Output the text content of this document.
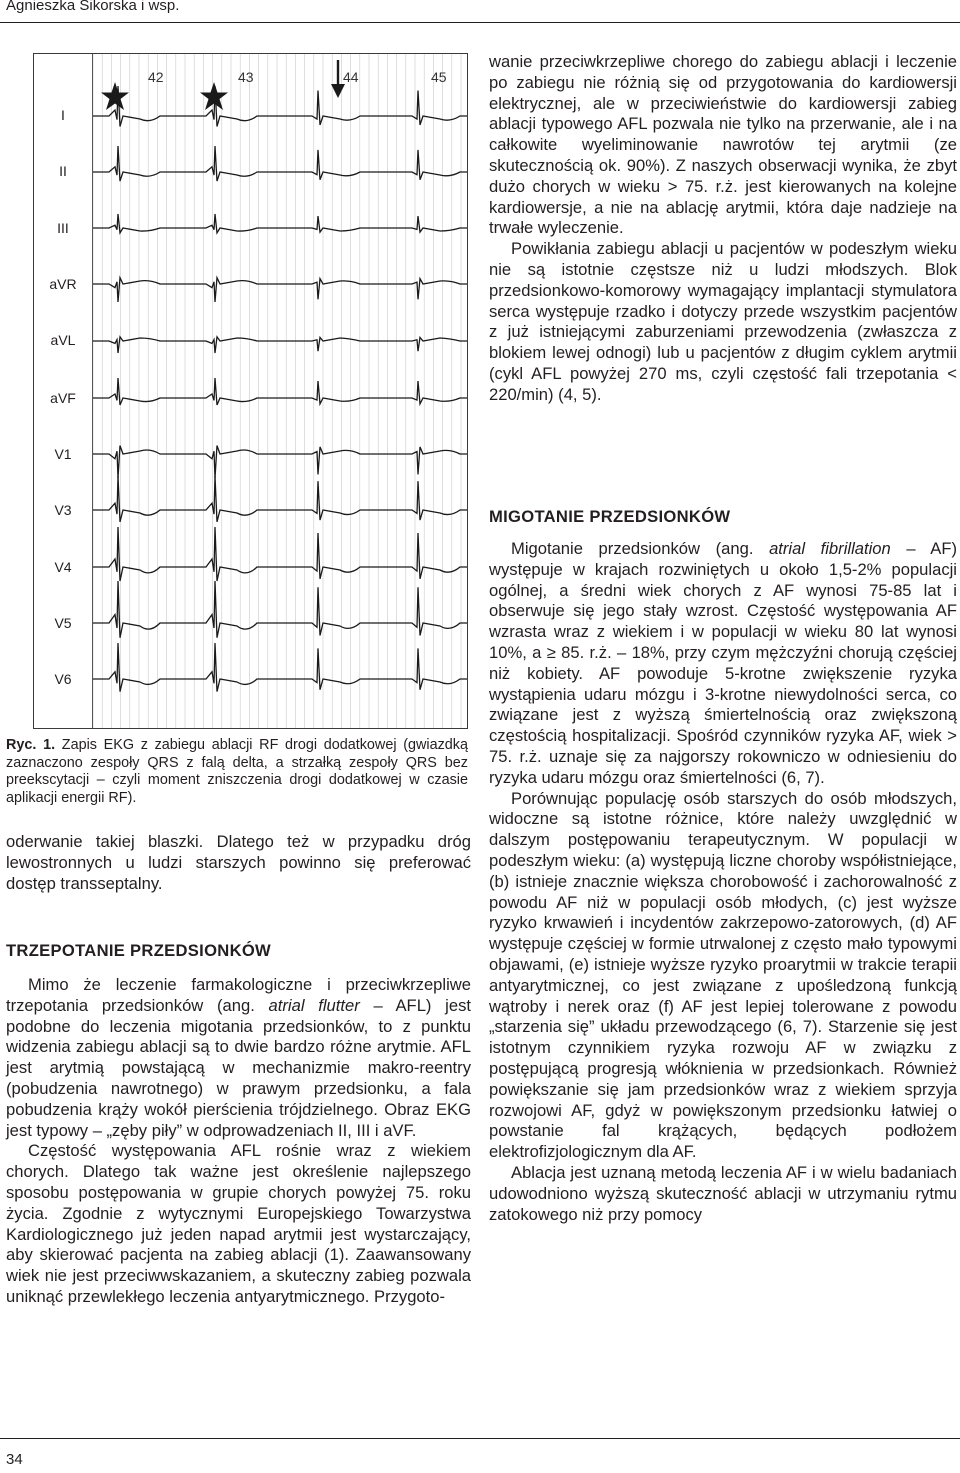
Agnieszka Sikorska i wsp.
I
II
III
aVR
aVL
aVF
V1
V3
V4
V5
V6
42	43	44	45
Ryc. 1. Zapis EKG z zabiegu ablacji RF drogi dodatkowej (gwiazdką zaznaczono zespoły QRS z falą delta, a strzałką zespoły QRS bez preekscytacji – czyli moment zniszczenia drogi dodatkowej w czasie aplikacji energii RF).

oderwanie takiej blaszki. Dlatego też w przypadku dróg lewostronnych u ludzi starszych powinno się preferować dostęp transseptalny.

TRZEPOTANIE PRZEDSIONKÓW

Mimo że leczenie farmakologiczne i przeciwkrzepliwe trzepotania przedsionków (ang. atrial flutter – AFL) jest podobne do leczenia migotania przedsionków, to z punktu widzenia zabiegu ablacji są to dwie bardzo różne arytmie. AFL jest arytmią powstającą w mechanizmie makro-reentry (pobudzenia nawrotnego) w prawym przedsionku, a fala pobudzenia krąży wokół pierścienia trójdzielnego. Obraz EKG jest typowy – „zęby piły” w odprowadzeniach II, III i aVF.

Częstość występowania AFL rośnie wraz z wiekiem chorych. Dlatego tak ważne jest określenie najlepszego sposobu postępowania w grupie chorych powyżej 75. roku życia. Zgodnie z wytycznymi Europejskiego Towarzystwa Kardiologicznego już jeden napad arytmii jest wystarczający, aby skierować pacjenta na zabieg ablacji (1). Zaawansowany wiek nie jest przeciwwskazaniem, a skuteczny zabieg pozwala uniknąć przewlekłego leczenia antyarytmicznego. Przygoto-

wanie przeciwkrzepliwe chorego do zabiegu ablacji i leczenie po zabiegu nie różnią się od przygotowania do kardiowersji elektrycznej, ale w przeciwieństwie do kardiowersji zabieg ablacji typowego AFL pozwala nie tylko na przerwanie, ale i na całkowite wyeliminowanie nawrotów tej arytmii (ze skutecznością ok. 90%). Z naszych obserwacji wynika, że zbyt dużo chorych w wieku > 75. r.ż. jest kierowanych na kolejne kardiowersje, a nie na ablację arytmii, która daje nadzieje na trwałe wyleczenie.

Powikłania zabiegu ablacji u pacjentów w podeszłym wieku nie są istotnie częstsze niż u ludzi młodszych. Blok przedsionkowo-komorowy wymagający implantacji stymulatora serca występuje rzadko i dotyczy przede wszystkim pacjentów z już istniejącymi zaburzeniami przewodzenia (zwłaszcza z blokiem lewej odnogi) lub u pacjentów z długim cyklem arytmii (cykl AFL powyżej 270 ms, czyli częstość fali trzepotania < 220/min) (4, 5).

MIGOTANIE PRZEDSIONKÓW

Migotanie przedsionków (ang. atrial fibrillation – AF) występuje w krajach rozwiniętych u około 1,5-2% populacji ogólnej, a średni wiek chorych z AF wynosi 75-85 lat i obserwuje się jego stały wzrost. Częstość występowania AF wzrasta wraz z wiekiem i w populacji w wieku 80 lat wynosi 10%, a ≥ 85. r.ż. – 18%, przy czym mężczyźni chorują częściej niż kobiety. AF powoduje 5-krotne zwiększenie ryzyka wystąpienia udaru mózgu i 3-krotne niewydolności serca, co związane jest z wyższą śmiertelnością oraz zwiększoną częstością hospitalizacji. Spośród czynników ryzyka AF, wiek > 75. r.ż. uznaje się za najgorszy rokowniczo w odniesieniu do ryzyka udaru mózgu oraz śmiertelności (6, 7).

Porównując populację osób starszych do osób młodszych, widoczne są istotne różnice, które należy uwzględnić w dalszym postępowaniu terapeutycznym. W populacji w podeszłym wieku: (a) występują liczne choroby współistniejące, (b) istnieje znacznie większa chorobowość i zachorowalność z powodu AF niż w populacji osób młodych, (c) jest wyższe ryzyko krwawień i incydentów zakrzepowo-zatorowych, (d) AF występuje częściej w formie utrwalonej z często mało typowymi objawami, (e) istnieje wyższe ryzyko proarytmii w trakcie terapii antyarytmicznej, co jest związane z upośledzoną funkcją wątroby i nerek oraz (f) AF jest lepiej tolerowane z powodu „starzenia się” układu przewodzącego (6, 7). Starzenie się jest istotnym czynnikiem ryzyka rozwoju AF w związku z postępującą progresją włóknienia w przedsionkach. Również powiększanie się jam przedsionków wraz z wiekiem sprzyja rozwojowi AF, gdyż w powiększonym przedsionku łatwiej o powstanie fal krążących, będących podłożem elektrofizjologicznym dla AF.

Ablacja jest uznaną metodą leczenia AF i w wielu badaniach udowodniono wyższą skuteczność ablacji w utrzymaniu rytmu zatokowego niż przy pomocy

34
